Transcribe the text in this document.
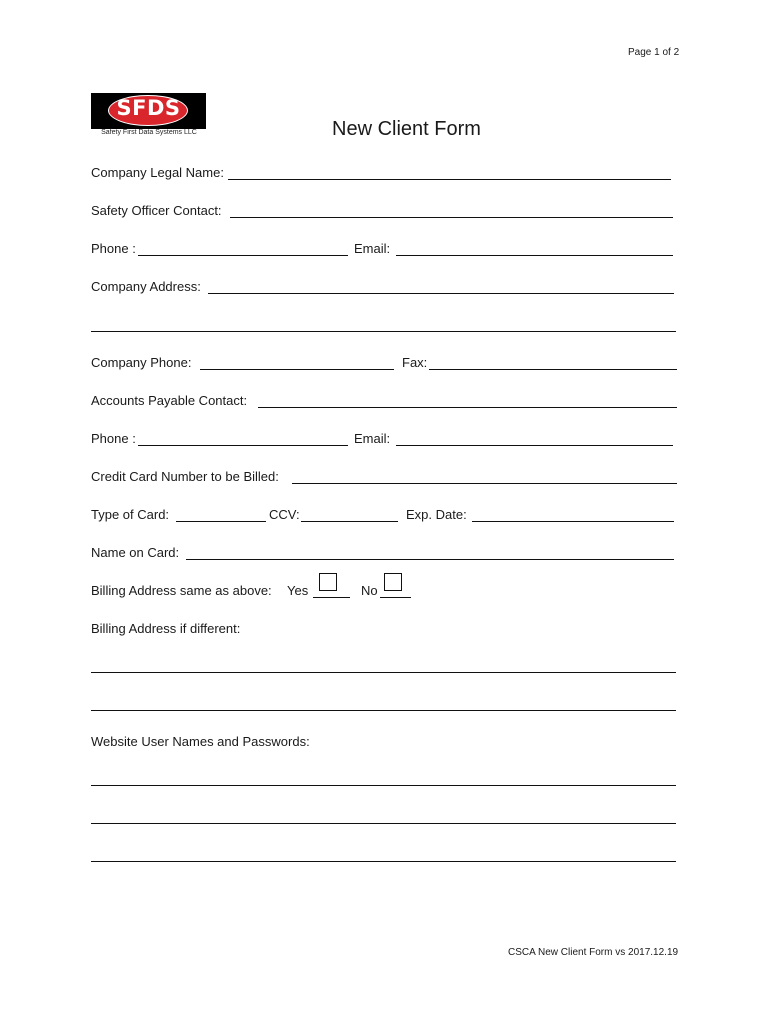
Page 1 of 2
SFDS
Safety First Data Systems LLC	New Client Form
Company Legal Name:
Safety Officer Contact:
Phone :	Email:
Company Address:
Company Phone:	Fax:
Accounts Payable Contact:
Phone :	Email:
Credit Card Number to be Billed:
Type of Card:	CCV:	Exp. Date:
Name on Card:
Billing Address same as above: Yes	No
Billing Address if different:
Website User Names and Passwords:
CSCA New Client Form vs 2017.12.19
